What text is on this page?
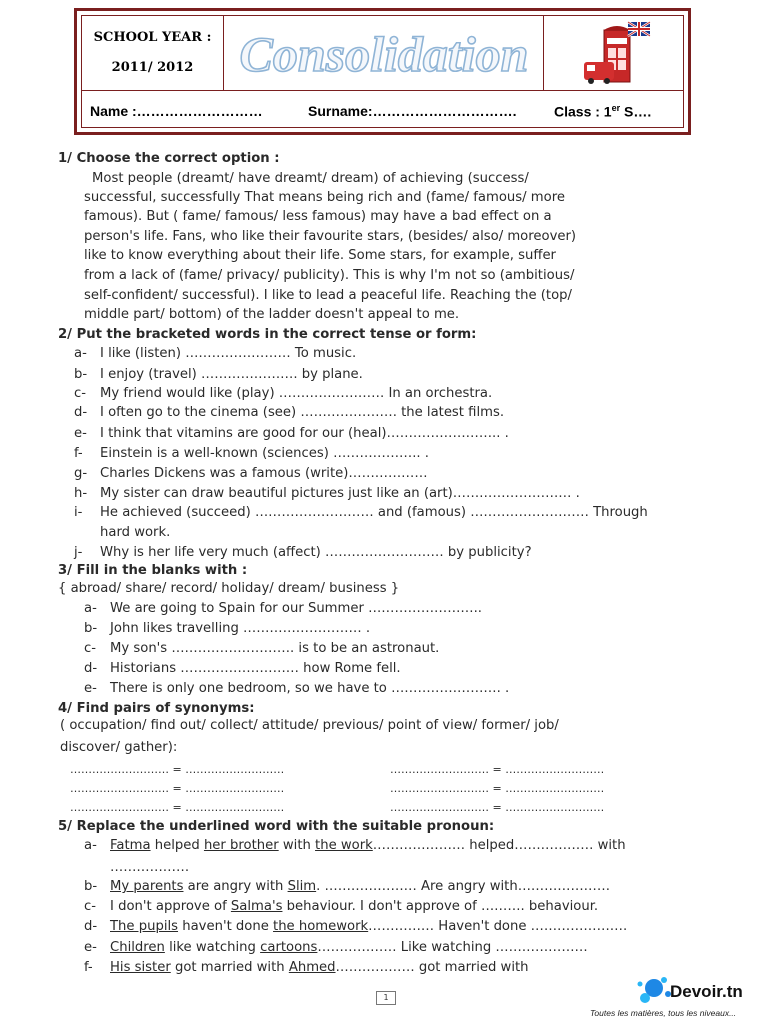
SCHOOL YEAR :
2011/ 2012 Consolidation
Name :………………………	Surname:………………………….	Class : 1er S….
1/ Choose the correct option :
Most people (dreamt/ have dreamt/ dream) of achieving (success/
successful, successfully That means being rich and (fame/ famous/ more
famous). But ( fame/ famous/ less famous) may have a bad effect on a
person's life. Fans, who like their favourite stars, (besides/ also/ moreover)
like to know everything about their life. Some stars, for example, suffer
from a lack of (fame/ privacy/ publicity). This is why I'm not so (ambitious/
self-confident/ successful). I like to lead a peaceful life. Reaching the (top/
middle part/ bottom) of the ladder doesn't appeal to me.
2/ Put the bracketed words in the correct tense or form:
a- I like (listen) …………………… To music.
b- I enjoy (travel) …………………. by plane.
c- My friend would like (play) …………………… In an orchestra.
d- I often go to the cinema (see) …………………. the latest films.
e- I think that vitamins are good for our (heal)…………………….. .
f- Einstein is a well-known (sciences) ……………….. .
g- Charles Dickens was a famous (write)………………
h- My sister can draw beautiful pictures just like an (art)……………………… .
i- He achieved (succeed) ……………………… and (famous) ……………………… Through
hard work.
j- Why is her life very much (affect) ……………………… by publicity?
3/ Fill in the blanks with :
{ abroad/ share/ record/ holiday/ dream/ business }
a- We are going to Spain for our Summer ……………………..
b- John likes travelling ……………………… .
c- My son's ………………………. is to be an astronaut.
d- Historians ……………………… how Rome fell.
e- There is only one bedroom, so we have to ……………………. .
4/ Find pairs of synonyms:
( occupation/ find out/ collect/ attitude/ previous/ point of view/ former/ job/
discover/ gather):
……………………… = ………………………	……………………… = ………………………
……………………… = ………………………	……………………… = ………………………
……………………… = ………………………	……………………… = ………………………
5/ Replace the underlined word with the suitable pronoun:
a- Fatma helped her brother with the work………………… helped……………… with
………………
b- My parents are angry with Slim. ………………… Are angry with…………………
c- I don't approve of Salma's behaviour. I don't approve of ………. behaviour.
d- The pupils haven't done the homework…………… Haven't done ………………….
e- Children like watching cartoons……………… Like watching …………………
f- His sister got married with Ahmed……………… got married with
1	Devoir.tn
Toutes les matières, tous les niveaux...
